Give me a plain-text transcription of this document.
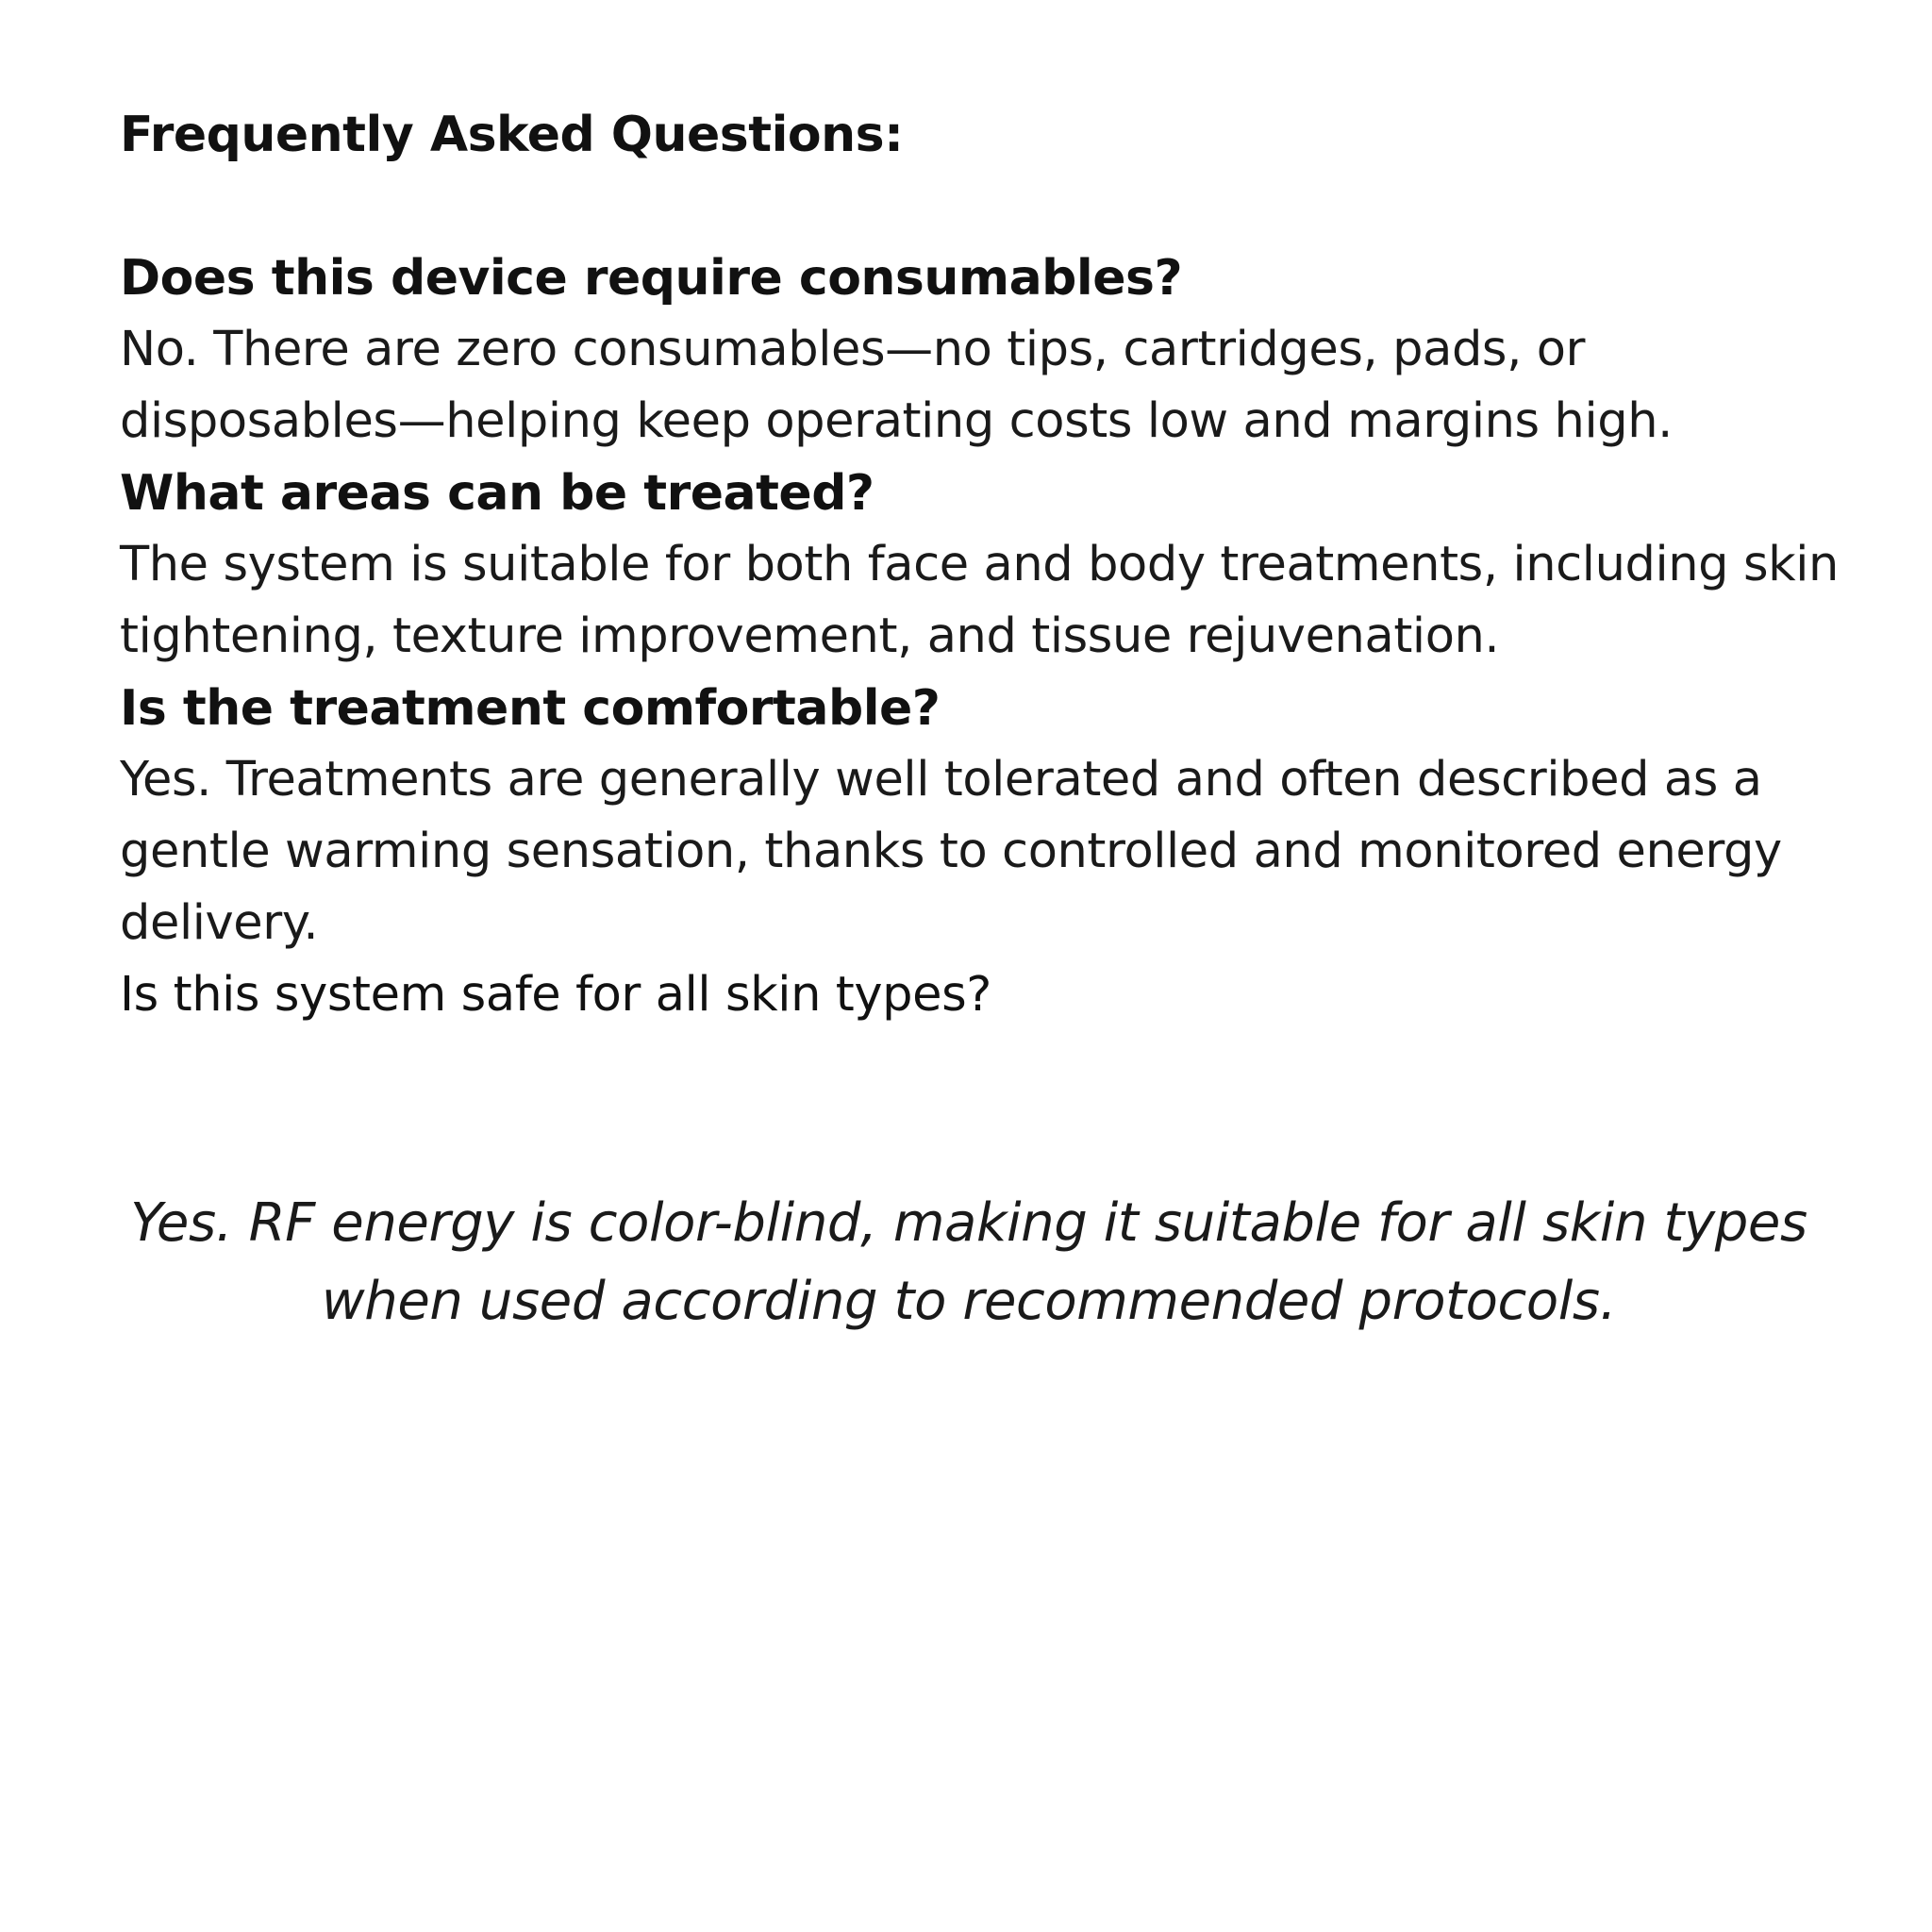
Frequently Asked Questions:

Does this device require consumables?

No. There are zero consumables—no tips, cartridges, pads, or disposables—helping keep operating costs low and margins high.

What areas can be treated?

The system is suitable for both face and body treatments, including skin tightening, texture improvement, and tissue rejuvenation.

Is the treatment comfortable?

Yes. Treatments are generally well tolerated and often described as a gentle warming sensation, thanks to controlled and monitored energy delivery.

Is this system safe for all skin types?

Yes. RF energy is color-blind, making it suitable for all skin types when used according to recommended protocols.
